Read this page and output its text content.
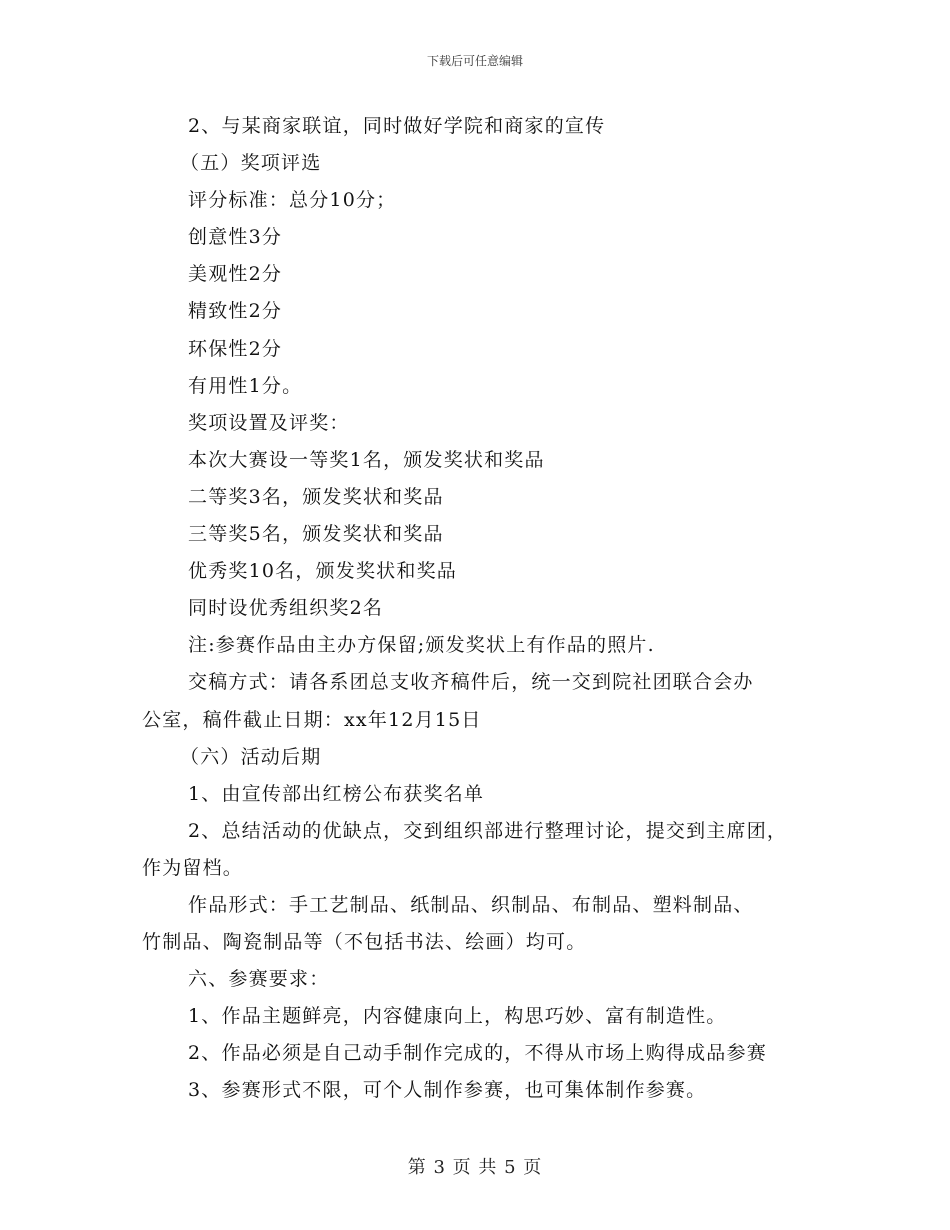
下载后可任意编辑
2、与某商家联谊，同时做好学院和商家的宣传
（五）奖项评选
评分标准：总分10分；
创意性3分
美观性2分
精致性2分
环保性2分
有用性1分。
奖项设置及评奖：
本次大赛设一等奖1名，颁发奖状和奖品
二等奖3名，颁发奖状和奖品
三等奖5名，颁发奖状和奖品
优秀奖10名，颁发奖状和奖品
同时设优秀组织奖2名
注:参赛作品由主办方保留;颁发奖状上有作品的照片.
交稿方式：请各系团总支收齐稿件后，统一交到院社团联合会办
公室，稿件截止日期：xx年12月15日
（六）活动后期
1、由宣传部出红榜公布获奖名单
2、总结活动的优缺点，交到组织部进行整理讨论，提交到主席团，
作为留档。
作品形式：手工艺制品、纸制品、织制品、布制品、塑料制品、
竹制品、陶瓷制品等（不包括书法、绘画）均可。
六、参赛要求：
1、作品主题鲜亮，内容健康向上，构思巧妙、富有制造性。
2、作品必须是自己动手制作完成的，不得从市场上购得成品参赛
3、参赛形式不限，可个人制作参赛，也可集体制作参赛。
第 3 页 共 5 页
